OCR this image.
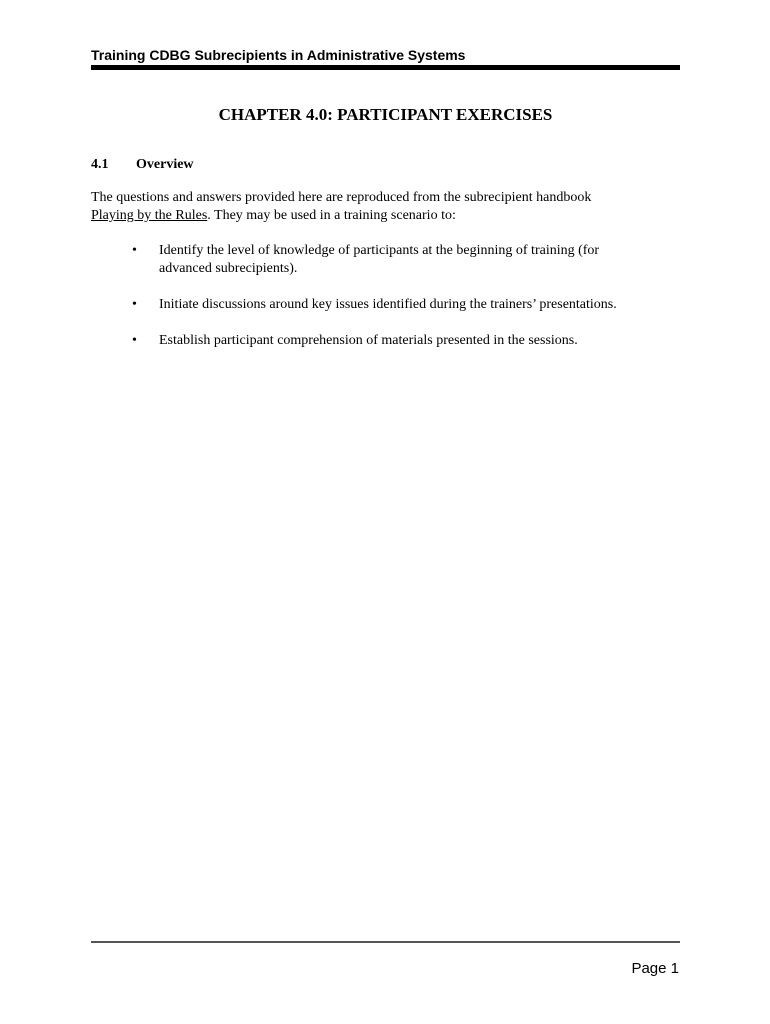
Training CDBG Subrecipients in Administrative Systems
CHAPTER 4.0: PARTICIPANT EXERCISES
4.1 Overview
The questions and answers provided here are reproduced from the subrecipient handbook
Playing by the Rules. They may be used in a training scenario to:
•	Identify the level of knowledge of participants at the beginning of training (for
advanced subrecipients).
•	Initiate discussions around key issues identified during the trainers’ presentations.
•	Establish participant comprehension of materials presented in the sessions.
Page 1
